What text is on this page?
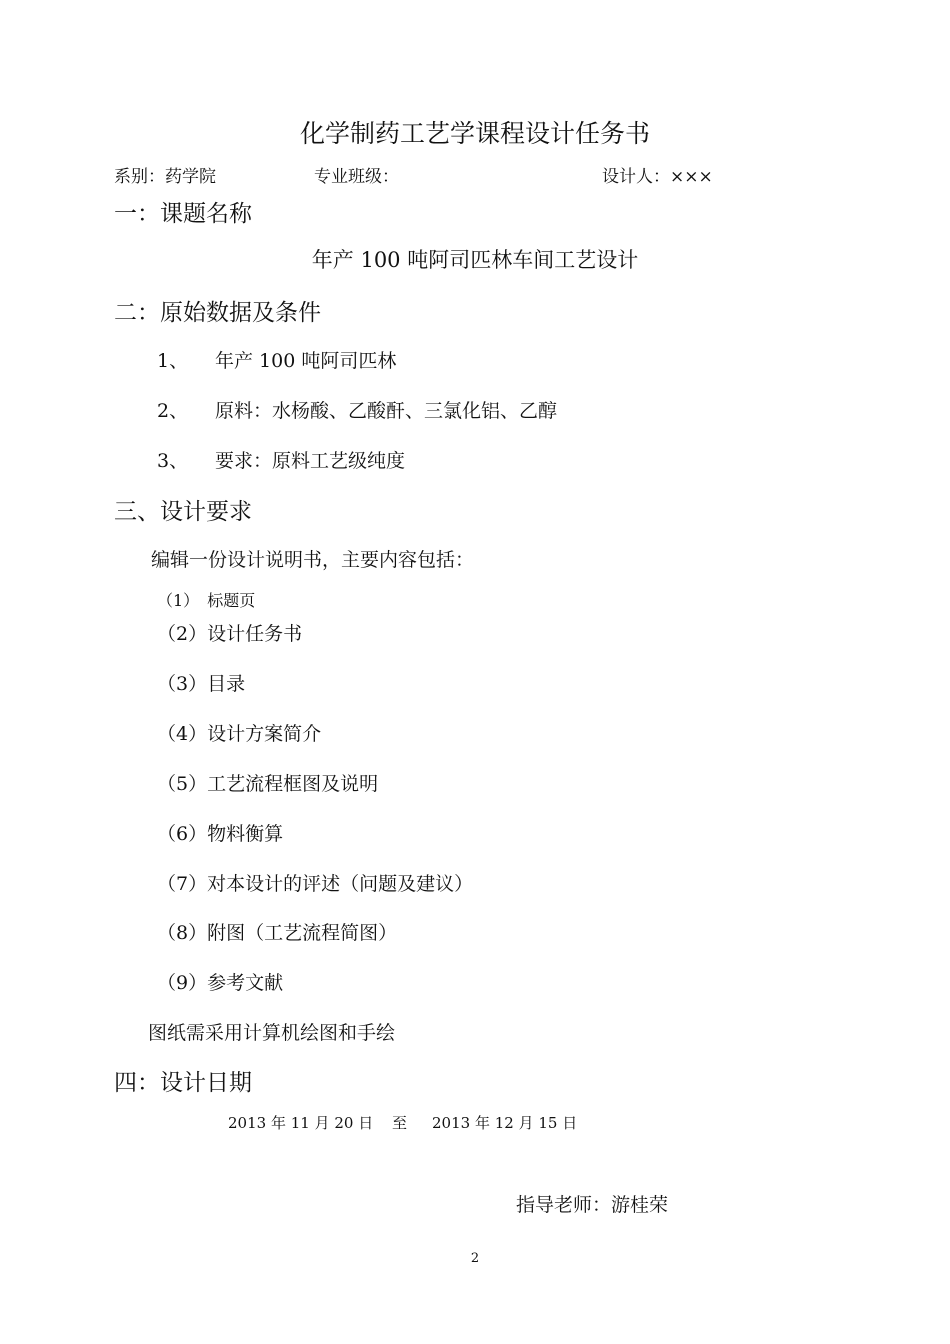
化学制药工艺学课程设计任务书
系别：药学院	专业班级：	设计人：×××
一：课题名称
年产 100 吨阿司匹林车间工艺设计
二：原始数据及条件
1、 年产 100 吨阿司匹林
2、 原料：水杨酸、乙酸酐、三氯化铝、乙醇
3、 要求：原料工艺级纯度
三、设计要求
编辑一份设计说明书，主要内容包括：
（1） 标题页
（2）设计任务书
（3）目录
（4）设计方案简介
（5）工艺流程框图及说明
（6）物料衡算
（7）对本设计的评述（问题及建议）
（8）附图（工艺流程简图）
（9）参考文献
图纸需采用计算机绘图和手绘
四：设计日期
2013 年 11 月 20 日 至 2013 年 12 月 15 日
指导老师：游桂荣
2
